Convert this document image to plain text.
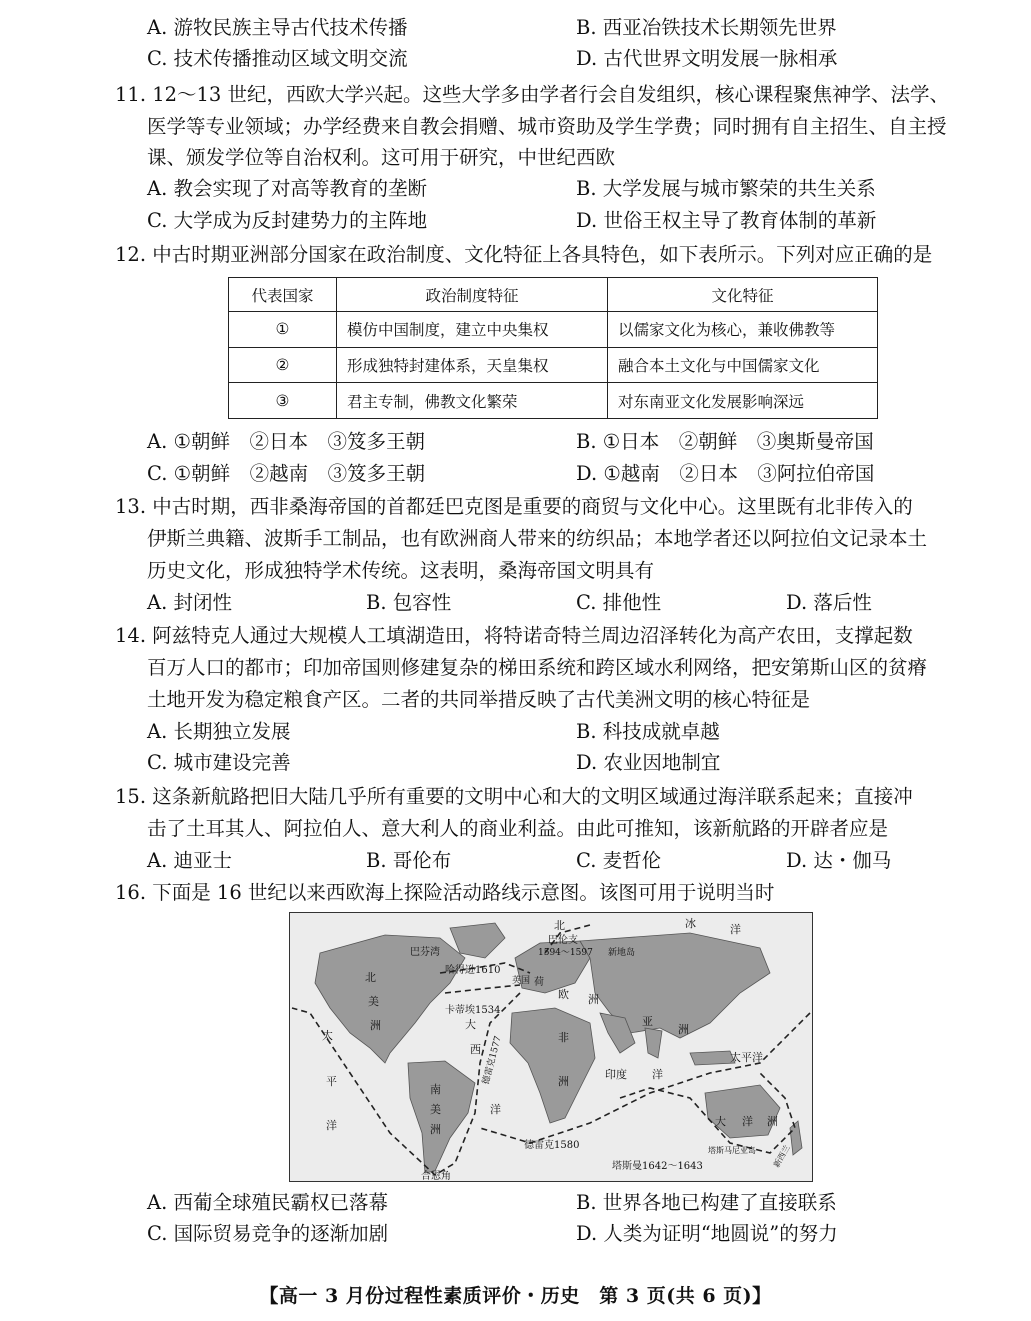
A. 游牧民族主导古代技术传播	B. 西亚冶铁技术长期领先世界
C. 技术传播推动区域文明交流	D. 古代世界文明发展一脉相承
11. 12～13 世纪，西欧大学兴起。这些大学多由学者行会自发组织，核心课程聚焦神学、法学、
医学等专业领域；办学经费来自教会捐赠、城市资助及学生学费；同时拥有自主招生、自主授
课、颁发学位等自治权利。这可用于研究，中世纪西欧
A. 教会实现了对高等教育的垄断	B. 大学发展与城市繁荣的共生关系
C. 大学成为反封建势力的主阵地	D. 世俗王权主导了教育体制的革新
12. 中古时期亚洲部分国家在政治制度、文化特征上各具特色，如下表所示。下列对应正确的是
代表国家	政治制度特征	文化特征
①	模仿中国制度，建立中央集权	以儒家文化为核心，兼收佛教等
②	形成独特封建体系，天皇集权	融合本土文化与中国儒家文化
③	君主专制，佛教文化繁荣	对东南亚文化发展影响深远
A. ①朝鲜　②日本　③笈多王朝	B. ①日本　②朝鲜　③奥斯曼帝国
C. ①朝鲜　②越南　③笈多王朝	D. ①越南　②日本　③阿拉伯帝国
13. 中古时期，西非桑海帝国的首都廷巴克图是重要的商贸与文化中心。这里既有北非传入的
伊斯兰典籍、波斯手工制品，也有欧洲商人带来的纺织品；本地学者还以阿拉伯文记录本土
历史文化，形成独特学术传统。这表明，桑海帝国文明具有
A. 封闭性	B. 包容性	C. 排他性	D. 落后性
14. 阿兹特克人通过大规模人工填湖造田，将特诺奇特兰周边沼泽转化为高产农田，支撑起数
百万人口的都市；印加帝国则修建复杂的梯田系统和跨区域水利网络，把安第斯山区的贫瘠
土地开发为稳定粮食产区。二者的共同举措反映了古代美洲文明的核心特征是
A. 长期独立发展	B. 科技成就卓越
C. 城市建设完善	D. 农业因地制宜
15. 这条新航路把旧大陆几乎所有重要的文明中心和大的文明区域通过海洋联系起来；直接冲
击了土耳其人、阿拉伯人、意大利人的商业利益。由此可推知，该新航路的开辟者应是
A. 迪亚士	B. 哥伦布	C. 麦哲伦	D. 达・伽马
16. 下面是 16 世纪以来西欧海上探险活动路线示意图。该图可用于说明当时
北	冰	洋
巴芬湾
巴伦支
1594～1597 新地岛
哈得逊1610
北
美
洲
卡蒂埃1534
英国 荷
欧 洲
亚
洲
大
太
平
洋
西 德雷克1577	非
洲
南
美
洲
洋
印度 洋
太平洋
大 洋 洲
德雷克1580	塔斯马尼亚岛
塔斯曼1642～1643	新西兰
合恩角
A. 西葡全球殖民霸权已落幕	B. 世界各地已构建了直接联系
C. 国际贸易竞争的逐渐加剧	D. 人类为证明“地圆说”的努力
【高一 3 月份过程性素质评价・历史　第 3 页(共 6 页)】
